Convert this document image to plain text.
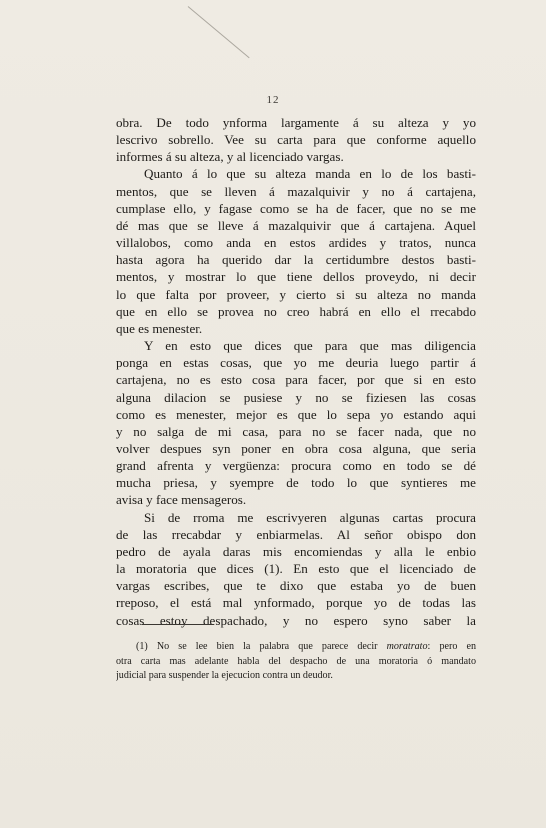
12
obra. De todo ynforma largamente á su alteza y yo
lescrivo sobrello. Vee su carta para que conforme aquello
informes á su alteza, y al licenciado vargas.
Quanto á lo que su alteza manda en lo de los basti-
mentos, que se lleven á mazalquivir y no á cartajena,
cumplase ello, y fagase como se ha de facer, que no se me
dé mas que se lleve á mazalquivir que á cartajena. Aquel
villalobos, como anda en estos ardides y tratos, nunca
hasta agora ha querido dar la certidumbre destos basti-
mentos, y mostrar lo que tiene dellos proveydo, ni decir
lo que falta por proveer, y cierto si su alteza no manda
que en ello se provea no creo habrá en ello el rrecabdo
que es menester.
Y en esto que dices que para que mas diligencia
ponga en estas cosas, que yo me deuria luego partir á
cartajena, no es esto cosa para facer, por que si en esto
alguna dilacion se pusiese y no se fiziesen las cosas
como es menester, mejor es que lo sepa yo estando aqui
y no salga de mi casa, para no se facer nada, que no
volver despues syn poner en obra cosa alguna, que seria
grand afrenta y vergüenza: procura como en todo se dé
mucha priesa, y syempre de todo lo que syntieres me
avisa y face mensageros.
Si de rroma me escrivyeren algunas cartas procura
de las rrecabdar y enbiarmelas. Al señor obispo don
pedro de ayala daras mis encomiendas y alla le enbio
la moratoria que dices (1). En esto que el licenciado de
vargas escribes, que te dixo que estaba yo de buen
rreposo, el está mal ynformado, porque yo de todas las
cosas estoy despachado, y no espero syno saber la
(1) No se lee bien la palabra que parece decir moratrato: pero en
otra carta mas adelante habla del despacho de una moratoria ó mandato
judicial para suspender la ejecucion contra un deudor.
